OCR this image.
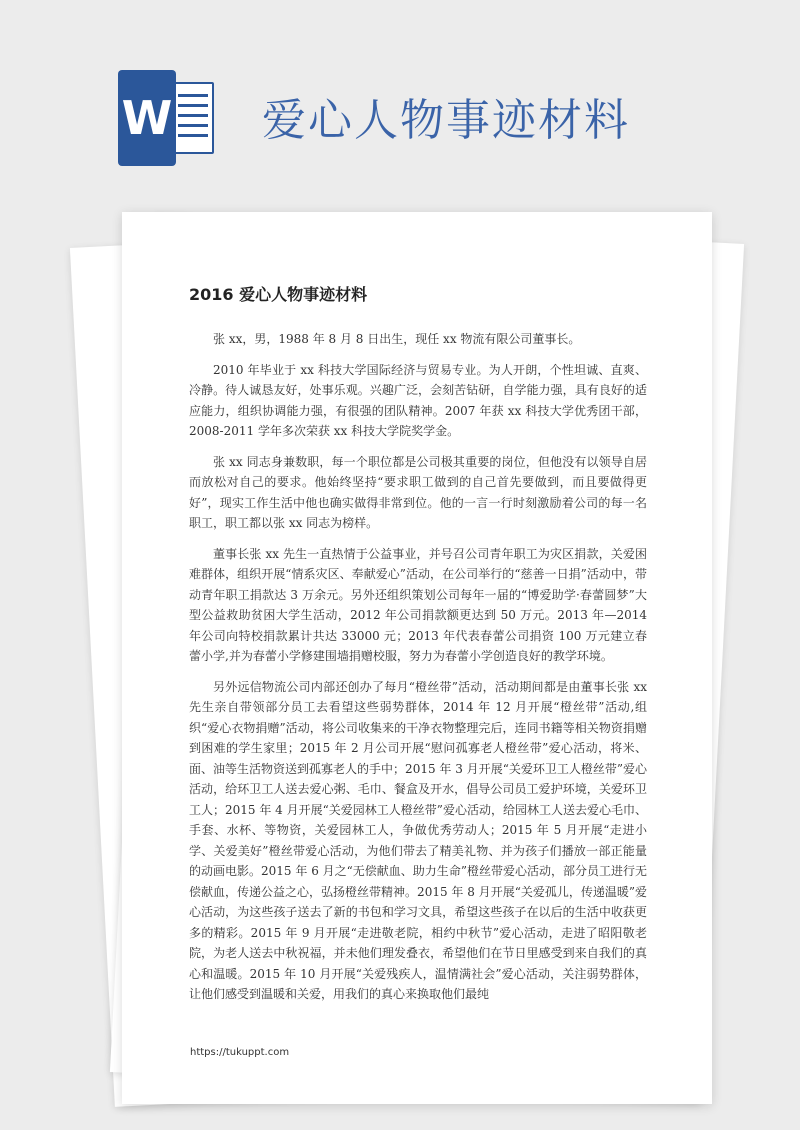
W 爱心人物事迹材料
2016 爱心人物事迹材料

张 xx，男，1988 年 8 月 8 日出生，现任 xx 物流有限公司董事长。

2010 年毕业于 xx 科技大学国际经济与贸易专业。为人开朗，个性坦诚、直爽、冷静。待人诚恳友好，处事乐观。兴趣广泛，会刻苦钻研，自学能力强，具有良好的适应能力，组织协调能力强，有很强的团队精神。2007 年获 xx 科技大学优秀团干部，2008-2011 学年多次荣获 xx 科技大学院奖学金。

张 xx 同志身兼数职，每一个职位都是公司极其重要的岗位，但他没有以领导自居而放松对自己的要求。他始终坚持“要求职工做到的自己首先要做到，而且要做得更好”，现实工作生活中他也确实做得非常到位。他的一言一行时刻激励着公司的每一名职工，职工都以张 xx 同志为榜样。

董事长张 xx 先生一直热情于公益事业，并号召公司青年职工为灾区捐款，关爱困难群体，组织开展“情系灾区、奉献爱心”活动，在公司举行的“慈善一日捐”活动中，带动青年职工捐款达 3 万余元。另外还组织策划公司每年一届的“博爱助学·春蕾圆梦”大型公益救助贫困大学生活动，2012 年公司捐款额更达到 50 万元。2013 年—2014 年公司向特校捐款累计共达 33000 元；2013 年代表春蕾公司捐资 100 万元建立春蕾小学,并为春蕾小学修建围墙捐赠校服，努力为春蕾小学创造良好的教学环境。

另外远信物流公司内部还创办了每月“橙丝带”活动，活动期间都是由董事长张 xx 先生亲自带领部分员工去看望这些弱势群体，2014 年 12 月开展“橙丝带”活动,组织“爱心衣物捐赠”活动，将公司收集来的干净衣物整理完后，连同书籍等相关物资捐赠到困难的学生家里；2015 年 2 月公司开展“慰问孤寡老人橙丝带”爱心活动，将米、面、油等生活物资送到孤寡老人的手中；2015 年 3 月开展“关爱环卫工人橙丝带”爱心活动，给环卫工人送去爱心粥、毛巾、餐盒及开水，倡导公司员工爱护环境，关爱环卫工人；2015 年 4 月开展“关爱园林工人橙丝带”爱心活动，给园林工人送去爱心毛巾、手套、水杯、等物资，关爱园林工人，争做优秀劳动人；2015 年 5 月开展“走进小学、关爱美好”橙丝带爱心活动，为他们带去了精美礼物、并为孩子们播放一部正能量的动画电影。2015 年 6 月之“无偿献血、助力生命”橙丝带爱心活动，部分员工进行无偿献血，传递公益之心，弘扬橙丝带精神。2015 年 8 月开展“关爱孤儿，传递温暖”爱心活动，为这些孩子送去了新的书包和学习文具，希望这些孩子在以后的生活中收获更多的精彩。2015 年 9 月开展“走进敬老院，相约中秋节”爱心活动，走进了昭阳敬老院，为老人送去中秋祝福，并未他们理发叠衣，希望他们在节日里感受到来自我们的真心和温暖。2015 年 10 月开展“关爱残疾人，温情满社会”爱心活动，关注弱势群体，让他们感受到温暖和关爱，用我们的真心来换取他们最纯

https://tukuppt.com
